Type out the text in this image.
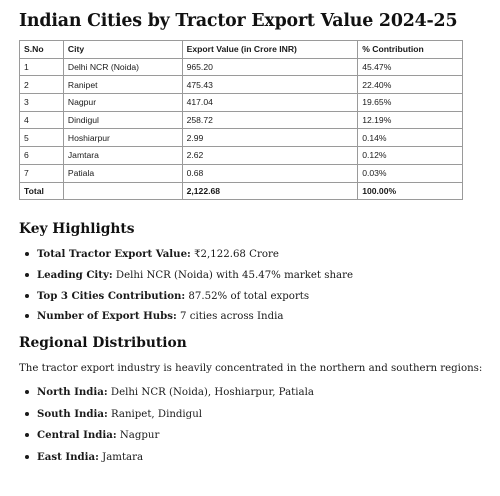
Indian Cities by Tractor Export Value 2024-25
S.No	City	Export Value (in Crore INR)	% Contribution
1	Delhi NCR (Noida)	965.20	45.47%
2	Ranipet	475.43	22.40%
3	Nagpur	417.04	19.65%
4	Dindigul	258.72	12.19%
5	Hoshiarpur	2.99	0.14%
6	Jamtara	2.62	0.12%
7	Patiala	0.68	0.03%
Total		2,122.68	100.00%
Key Highlights
Total Tractor Export Value: ₹2,122.68 Crore
Leading City: Delhi NCR (Noida) with 45.47% market share
Top 3 Cities Contribution: 87.52% of total exports
Number of Export Hubs: 7 cities across India
Regional Distribution

The tractor export industry is heavily concentrated in the northern and southern regions:

North India: Delhi NCR (Noida), Hoshiarpur, Patiala
South India: Ranipet, Dindigul
Central India: Nagpur
East India: Jamtara
